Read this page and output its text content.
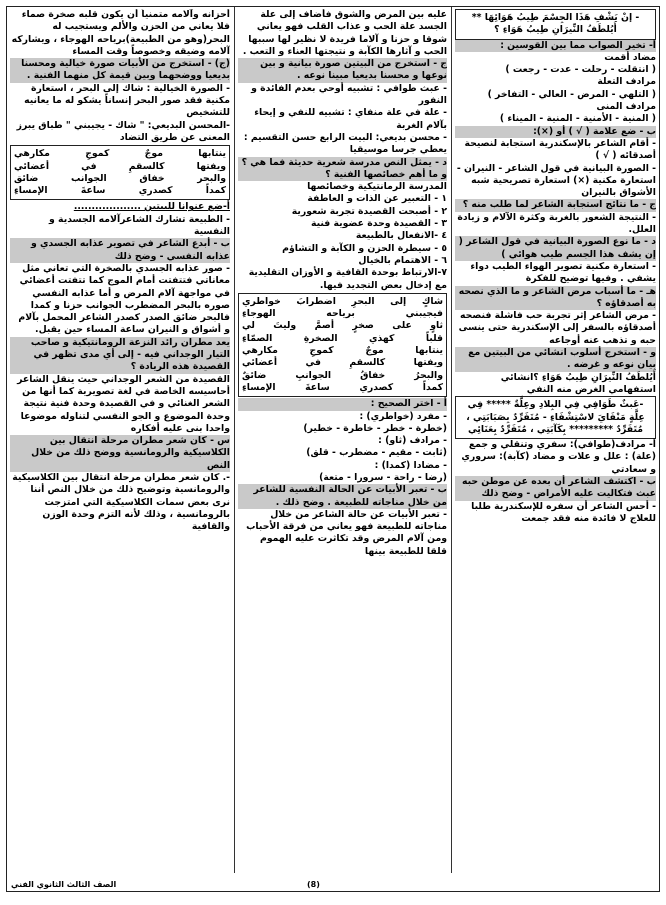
- إنْ يَشْفِ هَذَا الجِسْمَ طِيبُ هَوَائِهَا ** أَيُلطَفُ النِّيرَانِ طِيبُ هَوَاءِ ؟

أ- تخير الصواب مما بين القوسين :

مضاد أقمت

( انتقلت - رحلت - عدت - رجعت )

مرادف التعلة

( التلهي - المرض - العالي - التفاخر )

مرادف المنى

( المنية - الأمنية - المنية - الميناء )

ب - ضع علامة ( √ ) أو (×):

- أقام الشاعر بالإسكندرية استجابة لنصيحة أصدقائه ( √ )

- الصورة البيانية في قول الشاعر - النيران - استعارة مكنية (×) استعارة تصريحية شبه الأشواق بالنيران

ج - ما نتائج استجابة الشاعر لما طلب منه ؟

- النتيجة الشعور بالغربة وكثرة الآلام و زيادة العلل.

د - ما نوع الصورة البيانية في قول الشاعر ( إن يشف هذا الجسم طيب هوائي )

- استعارة مكنية تصوير الهواء الطيب دواء يشفي . وفيها توضيح للفكرة

هـ - ما أسباب مرض الشاعر و ما الذي نصحه به أصدقاؤه ؟

- مرض الشاعر إثر تجربة حب فاشلة فنصحه أصدقاؤه بالسفر إلى الإسكندرية حتى ينسى حبه و تذهب عنه أوجاعه

و - استخرج أسلوب انشائي من البيتين مع بيان نوعه و غرضه .

أَيُلطَفُ النِّيرَانِ طِيبُ هَوَاءِ ؟انشائي استفهامي الغرض منه النفي

-عَبثٌ طَوَافِي فِي البِلادِ وعِلَّةٌ ***** فِي عِلَّةٍ مَنْفَايَ لاسْتِشْفَاءِ - مُتَفَرِّدٌ بِصَبَابَتِي ، مُتَفَرِّدٌ ********* بِكَآبَتِي ، مُتَفَرِّدٌ بِعَنَائِي

أ- مرادف(طوافي): سفري وتنقلي و جمع (علة) : علل و علات و مضاد (كآبة): سروري و سعادتي

ب - اكتشف الشاعر أن بعده عن موطن حبه عبث فتكاليت عليه الأمراض - وضح ذلك

- أحس الشاعر أن سفره للإسكندرية طلبا للعلاج لا فائدة منه فقد جمعت

عليه بين المرض والشوق فأضاف إلى علة الجسد علة الحب و عذاب القلب فهو يعاني شوقا و حزنا و آلاما فريدة لا نظير لها سببها الحب و آثارها الكآبة و نتيجتها العناء و التعب .

ج - استخرج من البيتين صورة بيانية و بين نوعها و محسنا بديعيا مبينا نوعه .

- عبث طوافي : تشبيه أوحي بعدم الفائدة و النفور

- علة في علة منفاي : تشبيه للنفي و إيحاء بآلام الغربة

- محسن بديعي: البيت الرابع حسن التقسيم : يعطي جرسا موسيقيا

د - يمثل النص مدرسة شعرية حديثة فما هي ؟ و ما أهم خصائصها الفنية ؟

المدرسة الرمانتيكية وخصائصها

١ - التعبير عن الذات و العاطفة

٢ - أصبحت القصيدة تجربة شعورية

٣ - القصيدة وحدة عضوية فنية

٤ -الانفعال بالطبيعة

٥ - سيطرة الحزن و الكآبة و التشاؤم

٦ - الاهتمام بالخيال

٧-الارتباط بوحدة القافية و الأوزان التقليدية مع إدخال بعض التجديد فيها.

شاكٍ إلى البحرِ اضطرابَ خواطري

فيجيبني برياحه الهوجاءِ

ثاوٍ على صخرٍ أصمَّ وليتَ لي

قلباً كهذي الصخرةِ الصمّاءِ

ينتابها موجٌ كموجِ مكارهي

ويفتها كالسقمِ في أعضائي

والبحرُ خفاقُ الجوانبِ ضائقٌ

كمداً كصدري ساعةَ الإمساءِ

أ - اختر الصحيح :

- مفرد (خواطري) :

(خطرة - خطر - خاطرة - خطير)

- مرادف (ثاو) :

(ثابت - مقيم - مضطرب - قلق)

- مضادا (كمدا) :

(رضا - راحة - سرورا - متعة)

ب - تعبر الأبيات عن الحالة النفسية للشاعر من خلال مناجاته للطبيعة . وضح ذلك .

- تعبر الأبيات عن حالة الشاعر من خلال مناجاته للطبيعة فهو يعاني من فرقة الأحباب ومن آلام المرض وقد تكاثرت عليه الهموم قلقا للطبيعة بينها

أحزانه وآلامه متمنياً أن يكون قلبه صخرة صماء فلا يعاني من الحزن والألم ويستجيب له البحر(وهو من الطبيعة)برياحه الهوجاء ، ويشاركه آلامه وضيقه وخصوصاً وقت المساء

(ج) - استخرج من الأبيات صورة خيالية ومحسنا بديعيا ووضحهما وبين قيمة كل منهما الفنية .

- الصورة الخيالية : شاك إلى البحر ، استعارة مكنية فقد صور البحر إنساناً يشكو له ما يعانيه للتشخيص

-المحسن البديعي: " شاك - يجيبني " طباق يبرز المعنى عن طريق التضاد

ينتابها موجٌ كموجِ مكارهي

ويفتها كالسقمِ في أعضائي

والبحر خفاق الجوانب ضائق

كمداً كصدري ساعةَ الإمساءِ

أ-ضع عنوانا للبيتين ...................

- الطبيعة تشارك الشاعرآلامه الجسدية و النفسية

ب - أبدع الشاعر في تصوير عذابه الجسدي و عذابه النفسي - وضح ذلك

- صور عذابه الجسدي بالصخرة التي تعاني مثل معاناتي فتتفتت أمام الموج كما تتفتت أعضائي في مواجهة آلام المرض و أما عذابه النفسي صوره بالبحر المضطرب الجوانب حزنا و كمدا فالبحر ضائق الصدر كصدر الشاعر المحمل بآلام و أشواق و النيران ساعة المساء حين يقبل.

يعد مطران رائد النزعة الرومانتيكية و صاحب التيار الوجداني فيه - إلى أي مدى تظهر في القصيدة هذه الريادة ؟

القصيدة من الشعر الوجداني حيث ينقل الشاعر أحاسيسه الخاصة في لغة تصويرية كما أنها من الشعر الغنائي و في القصيدة وحدة فنية نتيجة وحدة الموضوع و الجو النفسي لتناوله موضوعا واحدا بنى عليه أفكاره

س - كان شعر مطران مرحلة انتقال بين الكلاسيكية والرومانسية ووضح ذلك من خلال النص

-. كان شعر مطران مرحلة انتقال بين الكلاسيكية والرومانسية وتوضيح ذلك من خلال النص أننا نرى بعض سمات الكلاسيكية التي امتزجت بالرومانسية ، وذلك لأنه التزم وحدة الوزن والقافية

(8)
الصف الثالث الثانوي الفني
